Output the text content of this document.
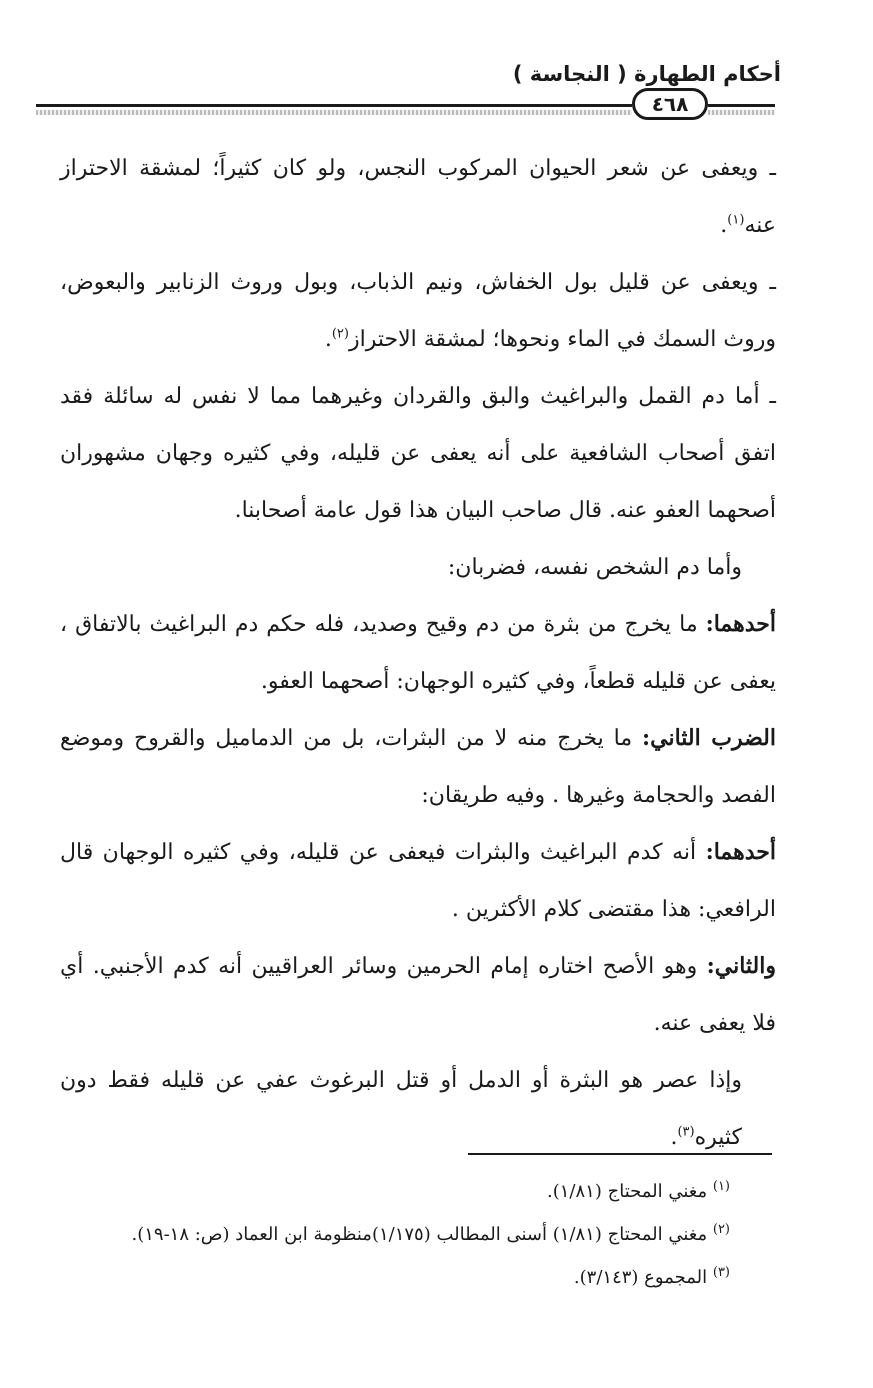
أحكام الطهارة ( النجاسة )
٤٦٨

ـ ويعفى عن شعر الحيوان المركوب النجس، ولو كان كثيراً؛ لمشقة الاحتراز عنه$^{(١)}$.

ـ ويعفى عن قليل بول الخفاش، ونيم الذباب، وبول وروث الزنابير والبعوض، وروث السمك في الماء ونحوها؛ لمشقة الاحتراز$^{(٢)}$.

ـ أما دم القمل والبراغيث والبق والقردان وغيرهما مما لا نفس له سائلة فقد اتفق أصحاب الشافعية على أنه يعفى عن قليله، وفي كثيره وجهان مشهوران أصحهما العفو عنه. قال صاحب البيان هذا قول عامة أصحابنا.

وأما دم الشخص نفسه، فضربان:

أحدهما: ما يخرج من بثرة من دم وقيح وصديد، فله حكم دم البراغيث بالاتفاق ، يعفى عن قليله قطعاً، وفي كثيره الوجهان: أصحهما العفو.

الضرب الثاني: ما يخرج منه لا من البثرات، بل من الدماميل والقروح وموضع الفصد والحجامة وغيرها . وفيه طريقان:

أحدهما: أنه كدم البراغيث والبثرات فيعفى عن قليله، وفي كثيره الوجهان قال الرافعي: هذا مقتضى كلام الأكثرين .

والثاني: وهو الأصح اختاره إمام الحرمين وسائر العراقيين أنه كدم الأجنبي. أي فلا يعفى عنه.

وإذا عصر هو البثرة أو الدمل أو قتل البرغوث عفي عن قليله فقط دون كثيره$^{(٣)}$.

$^{(١)}$ مغني المحتاج (١/٨١).

$^{(٢)}$ مغني المحتاج (١/٨١) أسنى المطالب (١/١٧٥)منظومة ابن العماد (ص: ١٨-١٩).

$^{(٣)}$ المجموع (٣/١٤٣).
